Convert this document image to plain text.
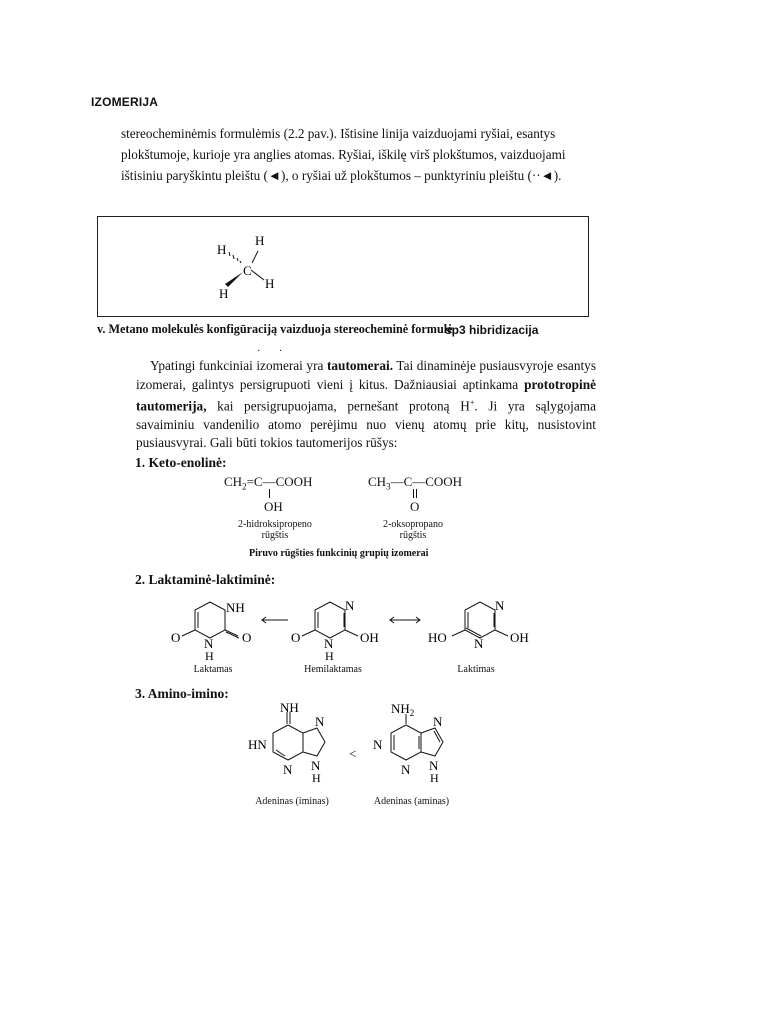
IZOMERIJA

stereocheminėmis formulėmis (2.2 pav.). Ištisine linija vaizduojami ryšiai, esantys

plokštumoje, kurioje yra anglies atomas. Ryšiai, iškilę virš plokštumos, vaizduojami

ištisiniu paryškintu pleištu (◄), o ryšiai už plokštumos – punktyriniu pleištu (··◄).

H
H
C
H
H
v. Metano molekulės konfigūraciją vaizduoja stereocheminė formulė
sp3 hibridizacija
· ·
Ypatingi funkciniai izomerai yra tautomerai. Tai dinaminėje pusiausvyroje esantys izomerai, galintys persigrupuoti vieni į kitus. Dažniausiai aptinkama prototropinė tautomerija, kai persigrupuojama, pernešant protoną H+. Ji yra sąlygojama savaiminiu vandenilio atomo perėjimu nuo vienų atomų prie kitų, nusistovint pusiausvyrai. Gali būti tokios tautomerijos rūšys:
1. Keto-enolinė:
$CH_2=C—COOH$
OH
$CH_3—C—COOH$
O
2-hidroksipropeno
rūgštis
2-oksopropano
rūgštis
Piruvo rūgšties funkcinių grupių izomerai
2. Laktaminė-laktiminė:
NH
N
H
O	O
N
N
H
O	OH
N
N
HO	OH
Laktamas	Hemilaktamas	Laktimas
3. Amino-imino:
NH
HN
N
N N
H
<
$NH_2$
N
N
N N
H
Adeninas (iminas)	Adeninas (aminas)
